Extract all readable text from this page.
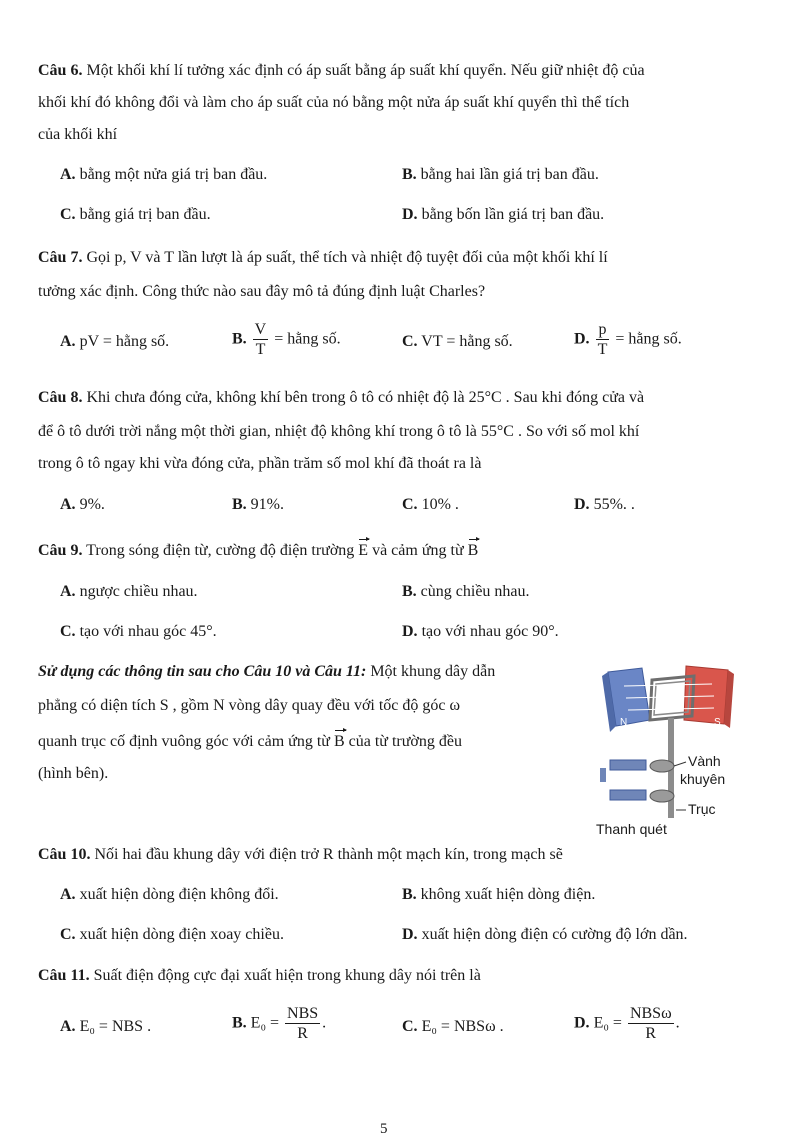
Câu 6. Một khối khí lí tưởng xác định có áp suất bằng áp suất khí quyển. Nếu giữ nhiệt độ của
khối khí đó không đổi và làm cho áp suất của nó bằng một nửa áp suất khí quyển thì thể tích
của khối khí
A. bằng một nửa giá trị ban đầu.	B. bằng hai lần giá trị ban đầu.
C. bằng giá trị ban đầu.	D. bằng bốn lần giá trị ban đầu.
Câu 7. Gọi p, V và T lần lượt là áp suất, thể tích và nhiệt độ tuyệt đối của một khối khí lí
tưởng xác định. Công thức nào sau đây mô tả đúng định luật Charles?
A. pV = hằng số.	B. $\frac{V}{T}$ = hằng số.	C. VT = hằng số.	D. $\frac{p}{T}$ = hằng số.
Câu 8. Khi chưa đóng cửa, không khí bên trong ô tô có nhiệt độ là 25°C . Sau khi đóng cửa và
để ô tô dưới trời nắng một thời gian, nhiệt độ không khí trong ô tô là 55°C . So với số mol khí
trong ô tô ngay khi vừa đóng cửa, phần trăm số mol khí đã thoát ra là
A. 9%.	B. 91%.	C. 10% .	D. 55%. .
Câu 9. Trong sóng điện từ, cường độ điện trường E và cảm ứng từ B
A. ngược chiều nhau.	B. cùng chiều nhau.
C. tạo với nhau góc 45°.	D. tạo với nhau góc 90°.
Sử dụng các thông tin sau cho Câu 10 và Câu 11: Một khung dây dẫn
phẳng có diện tích S , gồm N vòng dây quay đều với tốc độ góc ω
quanh trục cố định vuông góc với cảm ứng từ B của từ trường đều
(hình bên).
N	S
Vành
khuyên
Trục
Thanh quét
Câu 10. Nối hai đầu khung dây với điện trở R thành một mạch kín, trong mạch sẽ
A. xuất hiện dòng điện không đổi.	B. không xuất hiện dòng điện.
C. xuất hiện dòng điện xoay chiều.	D. xuất hiện dòng điện có cường độ lớn dần.
Câu 11. Suất điện động cực đại xuất hiện trong khung dây nói trên là
A. E₀ = NBS .	B. $E_0 = \frac{\text{NBS}}{R}$ .	C. E₀ = NBSω .	D. $E_0 = \frac{\text{NBSω}}{R}$ .
5
